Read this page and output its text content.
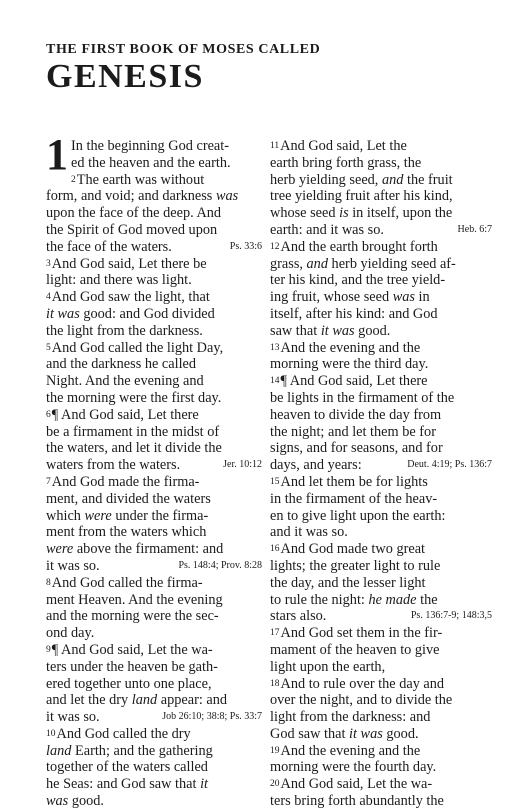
THE FIRST BOOK OF MOSES CALLED
GENESIS
1 In the beginning God creat-
ed the heaven and the earth.
2The earth was without
form, and void; and darkness was
upon the face of the deep. And
the Spirit of God moved upon
the face of the waters.	Ps. 33:6
3And God said, Let there be
light: and there was light.
4And God saw the light, that
it was good: and God divided
the light from the darkness.
5And God called the light Day,
and the darkness he called
Night. And the evening and
the morning were the first day.
6¶ And God said, Let there
be a firmament in the midst of
the waters, and let it divide the
waters from the waters.	Jer. 10:12
7And God made the firma-
ment, and divided the waters
which were under the firma-
ment from the waters which
were above the firmament: and
it was so.	Ps. 148:4; Prov. 8:28
8And God called the firma-
ment Heaven. And the evening
and the morning were the sec-
ond day.
9¶ And God said, Let the wa-
ters under the heaven be gath-
ered together unto one place,
and let the dry land appear: and
it was so.	Job 26:10; 38:8; Ps. 33:7
10And God called the dry
land Earth; and the gathering
together of the waters called
he Seas: and God saw that it
was good.
11And God said, Let the
earth bring forth grass, the
herb yielding seed, and the fruit
tree yielding fruit after his kind,
whose seed is in itself, upon the
earth: and it was so.	Heb. 6:7
12And the earth brought forth
grass, and herb yielding seed af-
ter his kind, and the tree yield-
ing fruit, whose seed was in
itself, after his kind: and God
saw that it was good.
13And the evening and the
morning were the third day.
14¶ And God said, Let there
be lights in the firmament of the
heaven to divide the day from
the night; and let them be for
signs, and for seasons, and for
days, and years:	Deut. 4:19; Ps. 136:7
15And let them be for lights
in the firmament of the heav-
en to give light upon the earth:
and it was so.
16And God made two great
lights; the greater light to rule
the day, and the lesser light
to rule the night: he made the
stars also.	Ps. 136:7-9; 148:3,5
17And God set them in the fir-
mament of the heaven to give
light upon the earth,
18And to rule over the day and
over the night, and to divide the
light from the darkness: and
God saw that it was good.
19And the evening and the
morning were the fourth day.
20And God said, Let the wa-
ters bring forth abundantly the
